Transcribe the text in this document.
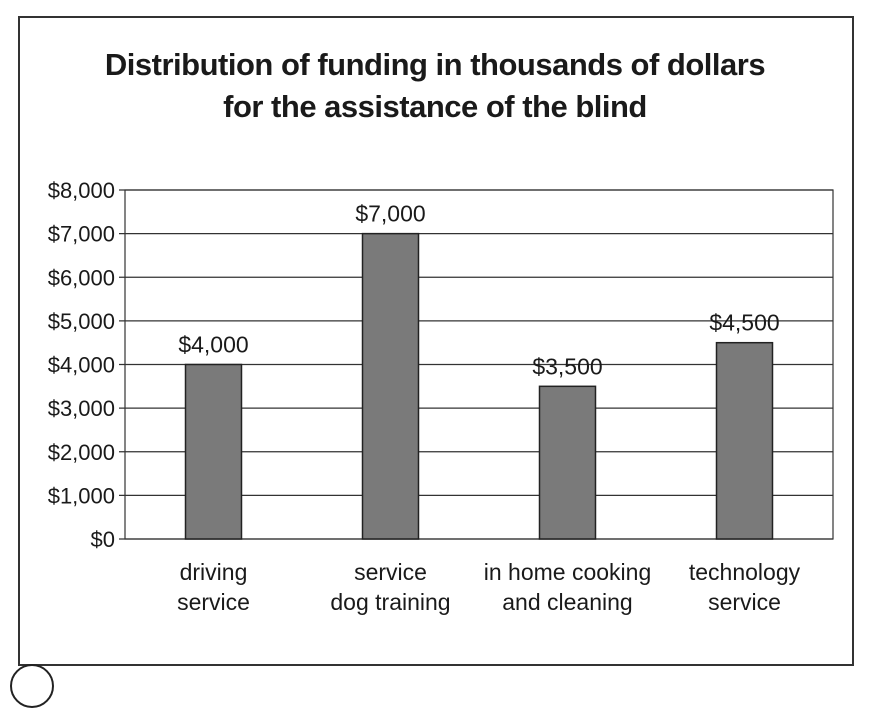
Distribution of funding in thousands of dollars
for the assistance of the blind
$0
$1,000
$2,000
$3,000
$4,000
$5,000
$6,000
$7,000
$8,000
$4,000
driving
service
$7,000
service
dog training
$3,500
in home cooking
and cleaning
$4,500
technology
service
